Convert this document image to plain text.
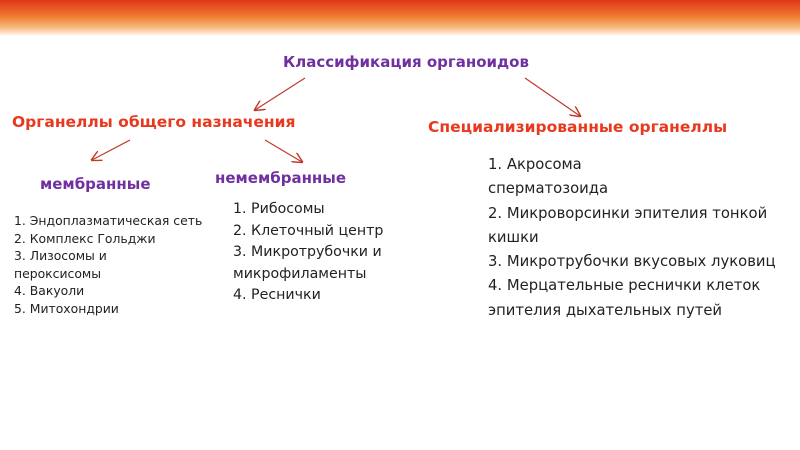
Классификация органоидов
Органеллы общего назначения	Специализированные органеллы
мембранные	немембранные
1. Эндоплазматическая сеть
2. Комплекс Гольджи
3. Лизосомы и пероксисомы
4. Вакуоли
5. Митохондрии
1. Рибосомы
2. Клеточный центр
3. Микротрубочки и микрофиламенты
4. Реснички
1. Акросома сперматозоида
2. Микроворсинки эпителия тонкой кишки
3. Микротрубочки вкусовых луковиц
4. Мерцательные реснички клеток эпителия дыхательных путей
